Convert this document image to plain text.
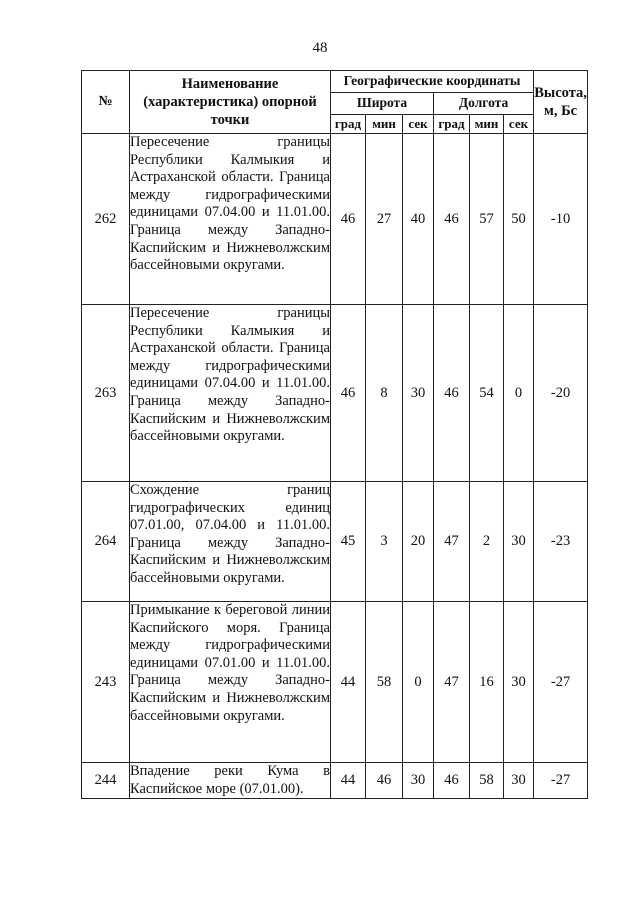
48
№	Наименование (характеристика) опорной точки	Географические координаты						Высота, м, Бс
		Широта			Долгота			
		град	мин	сек	град	мин	сек	
262	Пересечение границы Республики Калмыкия и Астраханской области. Граница между гидрографическими единицами 07.04.00 и 11.01.00. Граница между Западно-Каспийским и Нижневолжским бассейновыми округами.	46	27	40	46	57	50	-10
263	Пересечение границы Республики Калмыкия и Астраханской области. Граница между гидрографическими единицами 07.04.00 и 11.01.00. Граница между Западно-Каспийским и Нижневолжским бассейновыми округами.	46	8	30	46	54	0	-20
264	Схождение границ гидрографических единиц 07.01.00, 07.04.00 и 11.01.00. Граница между Западно-Каспийским и Нижневолжским бассейновыми округами.	45	3	20	47	2	30	-23
243	Примыкание к береговой линии Каспийского моря. Граница между гидрографическими единицами 07.01.00 и 11.01.00. Граница между Западно-Каспийским и Нижневолжским бассейновыми округами.	44	58	0	47	16	30	-27
244	Впадение реки Кума в Каспийское море (07.01.00).	44	46	30	46	58	30	-27
